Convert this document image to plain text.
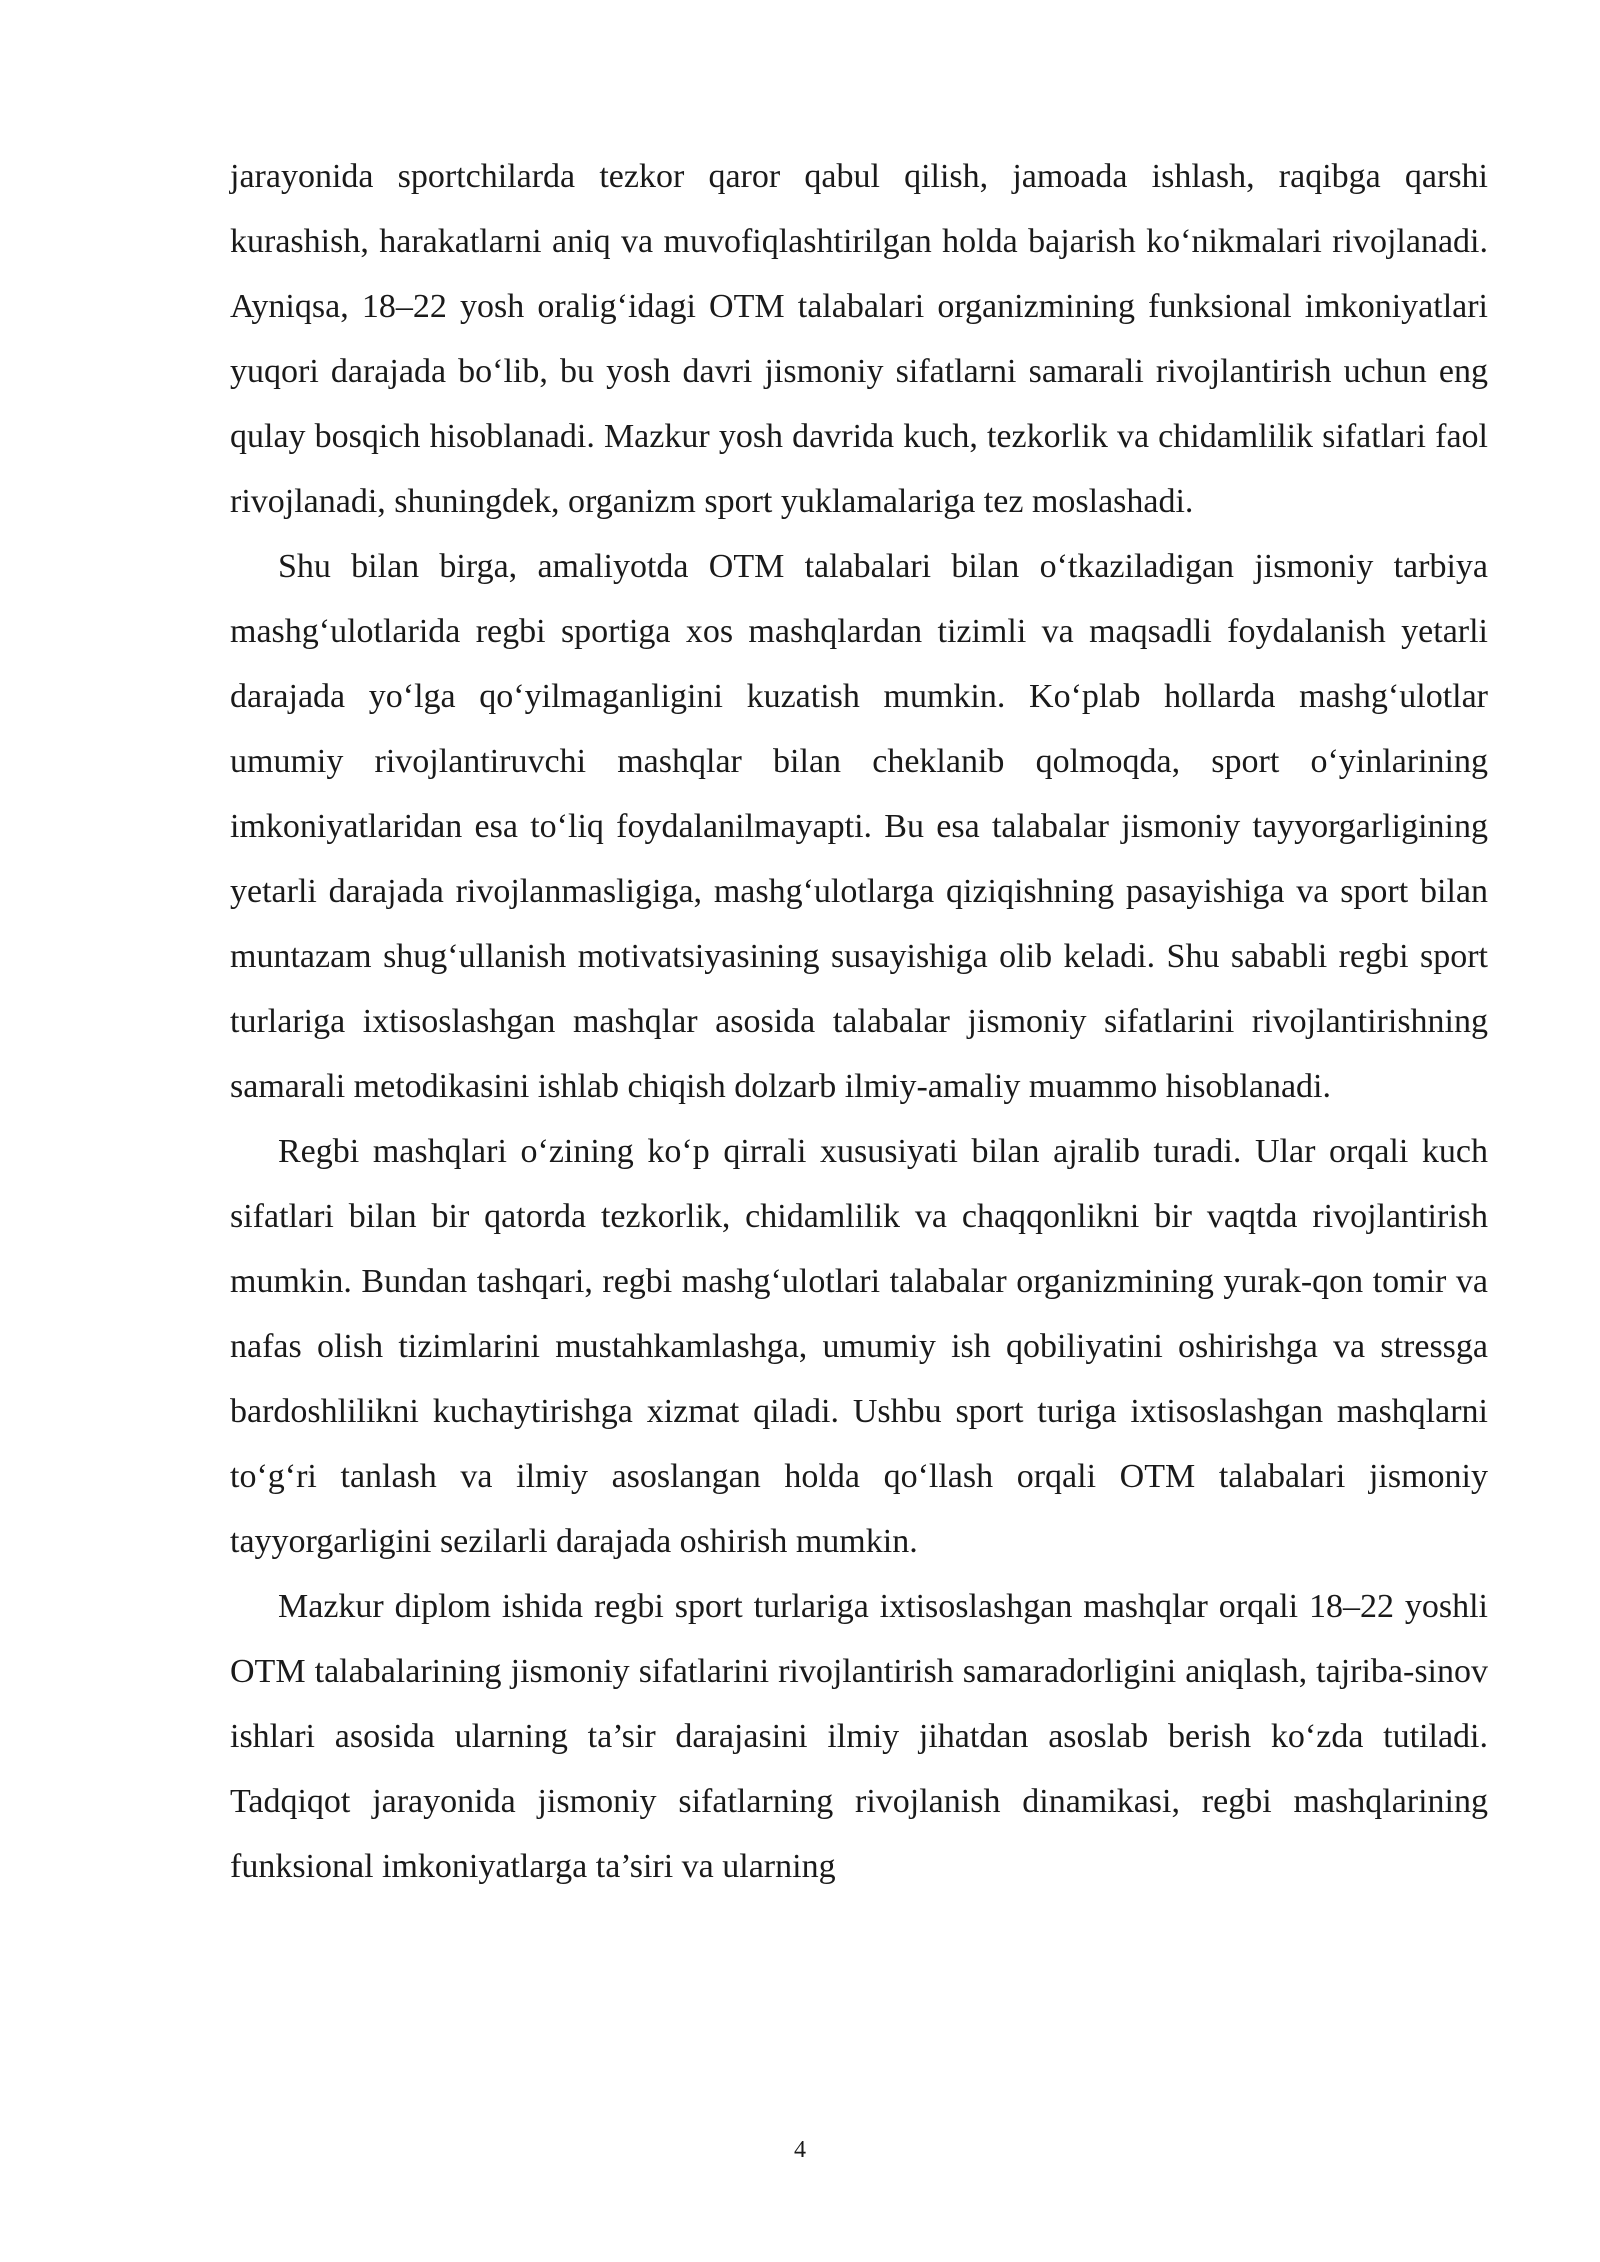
jarayonida sportchilarda tezkor qaror qabul qilish, jamoada ishlash, raqibga qarshi kurashish, harakatlarni aniq va muvofiqlashtirilgan holda bajarish ko‘nikmalari rivojlanadi. Ayniqsa, 18–22 yosh oralig‘idagi OTM talabalari organizmining funksional imkoniyatlari yuqori darajada bo‘lib, bu yosh davri jismoniy sifatlarni samarali rivojlantirish uchun eng qulay bosqich hisoblanadi. Mazkur yosh davrida kuch, tezkorlik va chidamlilik sifatlari faol rivojlanadi, shuningdek, organizm sport yuklamalariga tez moslashadi.

Shu bilan birga, amaliyotda OTM talabalari bilan o‘tkaziladigan jismoniy tarbiya mashg‘ulotlarida regbi sportiga xos mashqlardan tizimli va maqsadli foydalanish yetarli darajada yo‘lga qo‘yilmaganligini kuzatish mumkin. Ko‘plab hollarda mashg‘ulotlar umumiy rivojlantiruvchi mashqlar bilan cheklanib qolmoqda, sport o‘yinlarining imkoniyatlaridan esa to‘liq foydalanilmayapti. Bu esa talabalar jismoniy tayyorgarligining yetarli darajada rivojlanmasligiga, mashg‘ulotlarga qiziqishning pasayishiga va sport bilan muntazam shug‘ullanish motivatsiyasining susayishiga olib keladi. Shu sababli regbi sport turlariga ixtisoslashgan mashqlar asosida talabalar jismoniy sifatlarini rivojlantirishning samarali metodikasini ishlab chiqish dolzarb ilmiy-amaliy muammo hisoblanadi.

Regbi mashqlari o‘zining ko‘p qirrali xususiyati bilan ajralib turadi. Ular orqali kuch sifatlari bilan bir qatorda tezkorlik, chidamlilik va chaqqonlikni bir vaqtda rivojlantirish mumkin. Bundan tashqari, regbi mashg‘ulotlari talabalar organizmining yurak-qon tomir va nafas olish tizimlarini mustahkamlashga, umumiy ish qobiliyatini oshirishga va stressga bardoshlilikni kuchaytirishga xizmat qiladi. Ushbu sport turiga ixtisoslashgan mashqlarni to‘g‘ri tanlash va ilmiy asoslangan holda qo‘llash orqali OTM talabalari jismoniy tayyorgarligini sezilarli darajada oshirish mumkin.

Mazkur diplom ishida regbi sport turlariga ixtisoslashgan mashqlar orqali 18–22 yoshli OTM talabalarining jismoniy sifatlarini rivojlantirish samaradorligini aniqlash, tajriba-sinov ishlari asosida ularning ta’sir darajasini ilmiy jihatdan asoslab berish ko‘zda tutiladi. Tadqiqot jarayonida jismoniy sifatlarning rivojlanish dinamikasi, regbi mashqlarining funksional imkoniyatlarga ta’siri va ularning

4
